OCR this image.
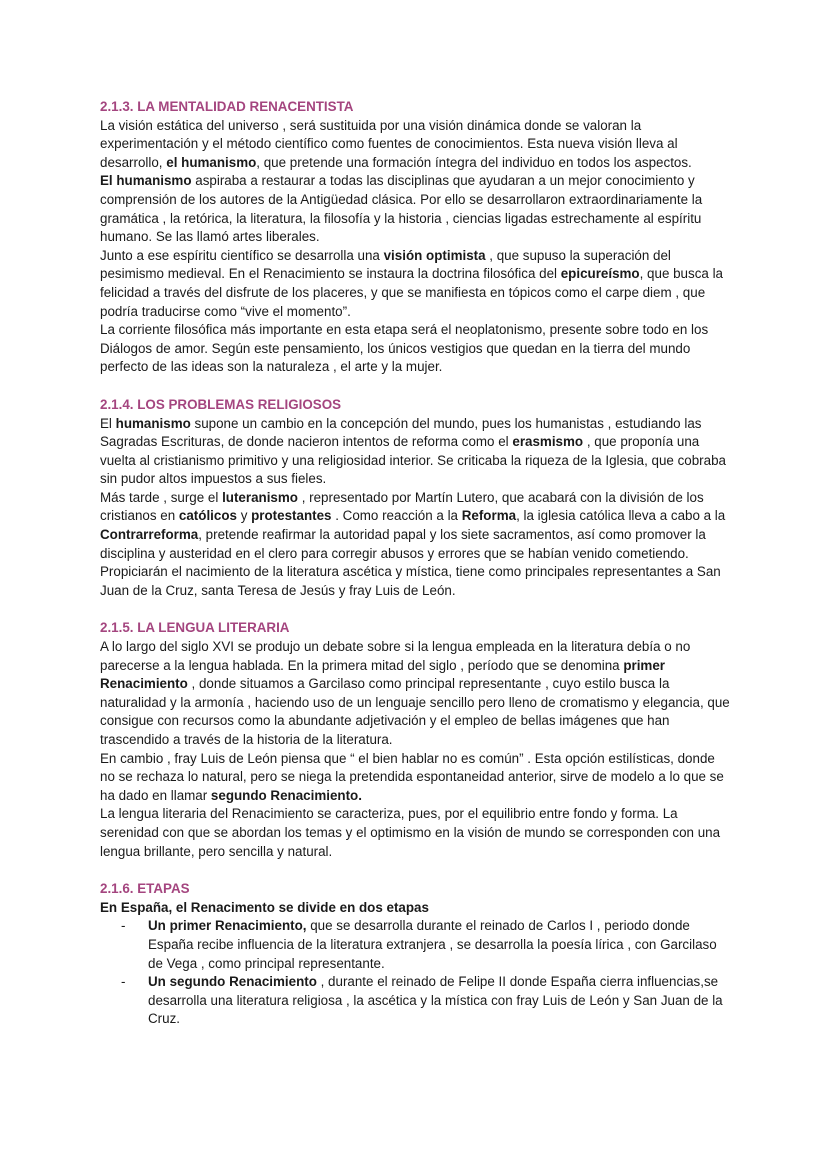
2.1.3. LA MENTALIDAD RENACENTISTA

La visión estática del universo , será sustituida por una visión dinámica donde se valoran la experimentación y el método científico como fuentes de conocimientos. Esta nueva visión lleva al desarrollo, el humanismo, que pretende una formación íntegra del individuo en todos los aspectos.

El humanismo aspiraba a restaurar a todas las disciplinas que ayudaran a un mejor conocimiento y comprensión de los autores de la Antigüedad clásica. Por ello se desarrollaron extraordinariamente la gramática , la retórica, la literatura, la filosofía y la historia , ciencias ligadas estrechamente al espíritu humano. Se las llamó artes liberales.

Junto a ese espíritu científico se desarrolla una visión optimista , que supuso la superación del pesimismo medieval. En el Renacimiento se instaura la doctrina filosófica del epicureísmo, que busca la felicidad a través del disfrute de los placeres, y que se manifiesta en tópicos como el carpe diem , que podría traducirse como “vive el momento”.

La corriente filosófica más importante en esta etapa será el neoplatonismo, presente sobre todo en los Diálogos de amor. Según este pensamiento, los únicos vestigios que quedan en la tierra del mundo perfecto de las ideas son la naturaleza , el arte y la mujer.

2.1.4. LOS PROBLEMAS RELIGIOSOS

El humanismo supone un cambio en la concepción del mundo, pues los humanistas , estudiando las Sagradas Escrituras, de donde nacieron intentos de reforma como el erasmismo , que proponía una vuelta al cristianismo primitivo y una religiosidad interior. Se criticaba la riqueza de la Iglesia, que cobraba sin pudor altos impuestos a sus fieles.

Más tarde , surge el luteranismo , representado por Martín Lutero, que acabará con la división de los cristianos en católicos y protestantes . Como reacción a la Reforma, la iglesia católica lleva a cabo a la Contrarreforma, pretende reafirmar la autoridad papal y los siete sacramentos, así como promover la disciplina y austeridad en el clero para corregir abusos y errores que se habían venido cometiendo.

Propiciarán el nacimiento de la literatura ascética y mística, tiene como principales representantes a San Juan de la Cruz, santa Teresa de Jesús y fray Luis de León.

2.1.5. LA LENGUA LITERARIA

A lo largo del siglo XVI se produjo un debate sobre si la lengua empleada en la literatura debía o no parecerse a la lengua hablada. En la primera mitad del siglo , período que se denomina primer Renacimiento , donde situamos a Garcilaso como principal representante , cuyo estilo busca la naturalidad y la armonía , haciendo uso de un lenguaje sencillo pero lleno de cromatismo y elegancia, que consigue con recursos como la abundante adjetivación y el empleo de bellas imágenes que han trascendido a través de la historia de la literatura.

En cambio , fray Luis de León piensa que “ el bien hablar no es común” . Esta opción estilísticas, donde no se rechaza lo natural, pero se niega la pretendida espontaneidad anterior, sirve de modelo a lo que se ha dado en llamar segundo Renacimiento.

La lengua literaria del Renacimiento se caracteriza, pues, por el equilibrio entre fondo y forma. La serenidad con que se abordan los temas y el optimismo en la visión de mundo se corresponden con una lengua brillante, pero sencilla y natural.

2.1.6. ETAPAS

En España, el Renacimento se divide en dos etapas

- Un primer Renacimiento, que se desarrolla durante el reinado de Carlos I , periodo donde España recibe influencia de la literatura extranjera , se desarrolla la poesía lírica , con Garcilaso de Vega , como principal representante.
- Un segundo Renacimiento , durante el reinado de Felipe II donde España cierra influencias,se desarrolla una literatura religiosa , la ascética y la mística con fray Luis de León y San Juan de la Cruz.
